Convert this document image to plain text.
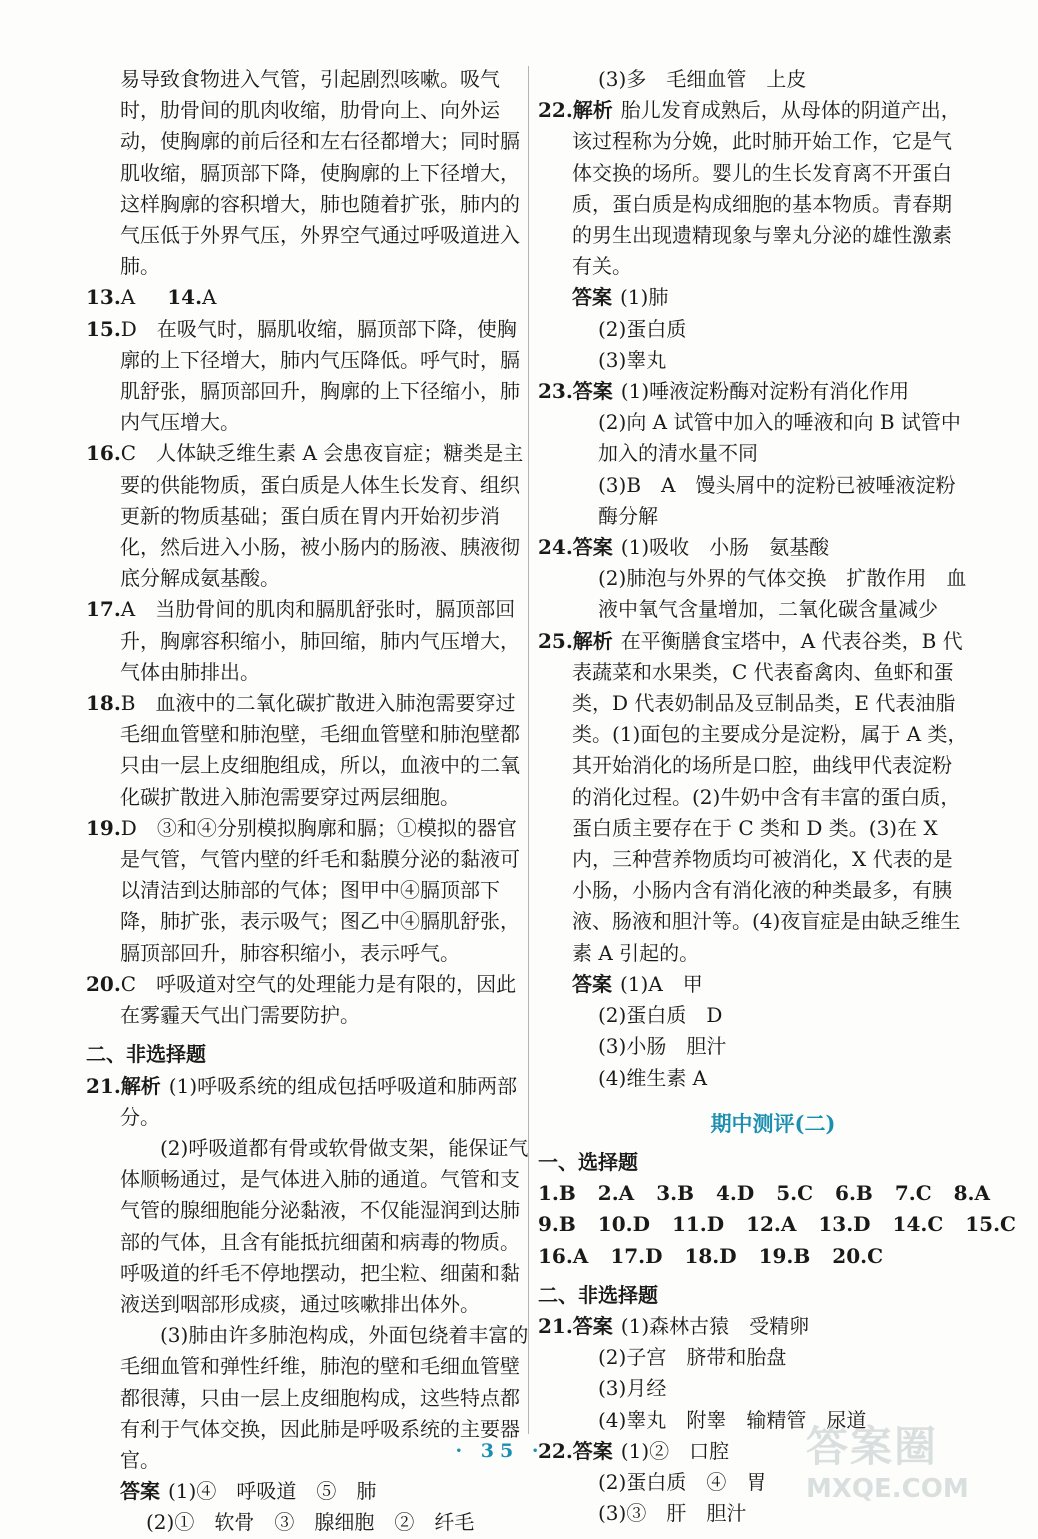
易导致食物进入气管，引起剧烈咳嗽。吸气时，肋骨间的肌肉收缩，肋骨向上、向外运动，使胸廓的前后径和左右径都增大；同时膈肌收缩，膈顶部下降，使胸廓的上下径增大，这样胸廓的容积增大，肺也随着扩张，肺内的气压低于外界气压，外界空气通过呼吸道进入肺。
13.A　14.A
15.D　在吸气时，膈肌收缩，膈顶部下降，使胸廓的上下径增大，肺内气压降低。呼气时，膈肌舒张，膈顶部回升，胸廓的上下径缩小，肺内气压增大。
16.C　人体缺乏维生素 A 会患夜盲症；糖类是主要的供能物质，蛋白质是人体生长发育、组织更新的物质基础；蛋白质在胃内开始初步消化，然后进入小肠，被小肠内的肠液、胰液彻底分解成氨基酸。
17.A　当肋骨间的肌肉和膈肌舒张时，膈顶部回升，胸廓容积缩小，肺回缩，肺内气压增大，气体由肺排出。
18.B　血液中的二氧化碳扩散进入肺泡需要穿过毛细血管壁和肺泡壁，毛细血管壁和肺泡壁都只由一层上皮细胞组成，所以，血液中的二氧化碳扩散进入肺泡需要穿过两层细胞。
19.D　③和④分别模拟胸廓和膈；①模拟的器官是气管，气管内壁的纤毛和黏膜分泌的黏液可以清洁到达肺部的气体；图甲中④膈顶部下降，肺扩张，表示吸气；图乙中④膈肌舒张，膈顶部回升，肺容积缩小，表示呼气。
20.C　呼吸道对空气的处理能力是有限的，因此在雾霾天气出门需要防护。
二、非选择题
21.解析 (1)呼吸系统的组成包括呼吸道和肺两部分。
　　(2)呼吸道都有骨或软骨做支架，能保证气体顺畅通过，是气体进入肺的通道。气管和支气管的腺细胞能分泌黏液，不仅能湿润到达肺部的气体，且含有能抵抗细菌和病毒的物质。呼吸道的纤毛不停地摆动，把尘粒、细菌和黏液送到咽部形成痰，通过咳嗽排出体外。
　　(3)肺由许多肺泡构成，外面包绕着丰富的毛细血管和弹性纤维，肺泡的壁和毛细血管壁都很薄，只由一层上皮细胞构成，这些特点都有利于气体交换，因此肺是呼吸系统的主要器官。
答案 (1)④　呼吸道　⑤　肺
(2)①　软骨　③　腺细胞　②　纤毛
(3)多　毛细血管　上皮
22.解析 胎儿发育成熟后，从母体的阴道产出，该过程称为分娩，此时肺开始工作，它是气体交换的场所。婴儿的生长发育离不开蛋白质，蛋白质是构成细胞的基本物质。青春期的男生出现遗精现象与睾丸分泌的雄性激素有关。
答案 (1)肺
(2)蛋白质
(3)睾丸
23.答案 (1)唾液淀粉酶对淀粉有消化作用
(2)向 A 试管中加入的唾液和向 B 试管中加入的清水量不同
(3)B　A　馒头屑中的淀粉已被唾液淀粉酶分解
24.答案 (1)吸收　小肠　氨基酸
(2)肺泡与外界的气体交换　扩散作用　血液中氧气含量增加，二氧化碳含量减少
25.解析 在平衡膳食宝塔中，A 代表谷类，B 代表蔬菜和水果类，C 代表畜禽肉、鱼虾和蛋类，D 代表奶制品及豆制品类，E 代表油脂类。(1)面包的主要成分是淀粉，属于 A 类，其开始消化的场所是口腔，曲线甲代表淀粉的消化过程。(2)牛奶中含有丰富的蛋白质，蛋白质主要存在于 C 类和 D 类。(3)在 X 内，三种营养物质均可被消化，X 代表的是小肠，小肠内含有消化液的种类最多，有胰液、肠液和胆汁等。(4)夜盲症是由缺乏维生素 A 引起的。
答案 (1)A　甲
(2)蛋白质　D
(3)小肠　胆汁
(4)维生素 A
期中测评(二)
一、选择题
1.B 2.A 3.B 4.D 5.C 6.B 7.C 8.A
9.B 10.D 11.D 12.A 13.D 14.C 15.C
16.A 17.D 18.D 19.B 20.C
二、非选择题
21.答案 (1)森林古猿　受精卵
(2)子宫　脐带和胎盘
(3)月经
(4)睾丸　附睾　输精管　尿道
22.答案 (1)②　口腔
(2)蛋白质　④　胃
(3)③　肝　胆汁
· 35 ·	答案圈
MXQE.COM
